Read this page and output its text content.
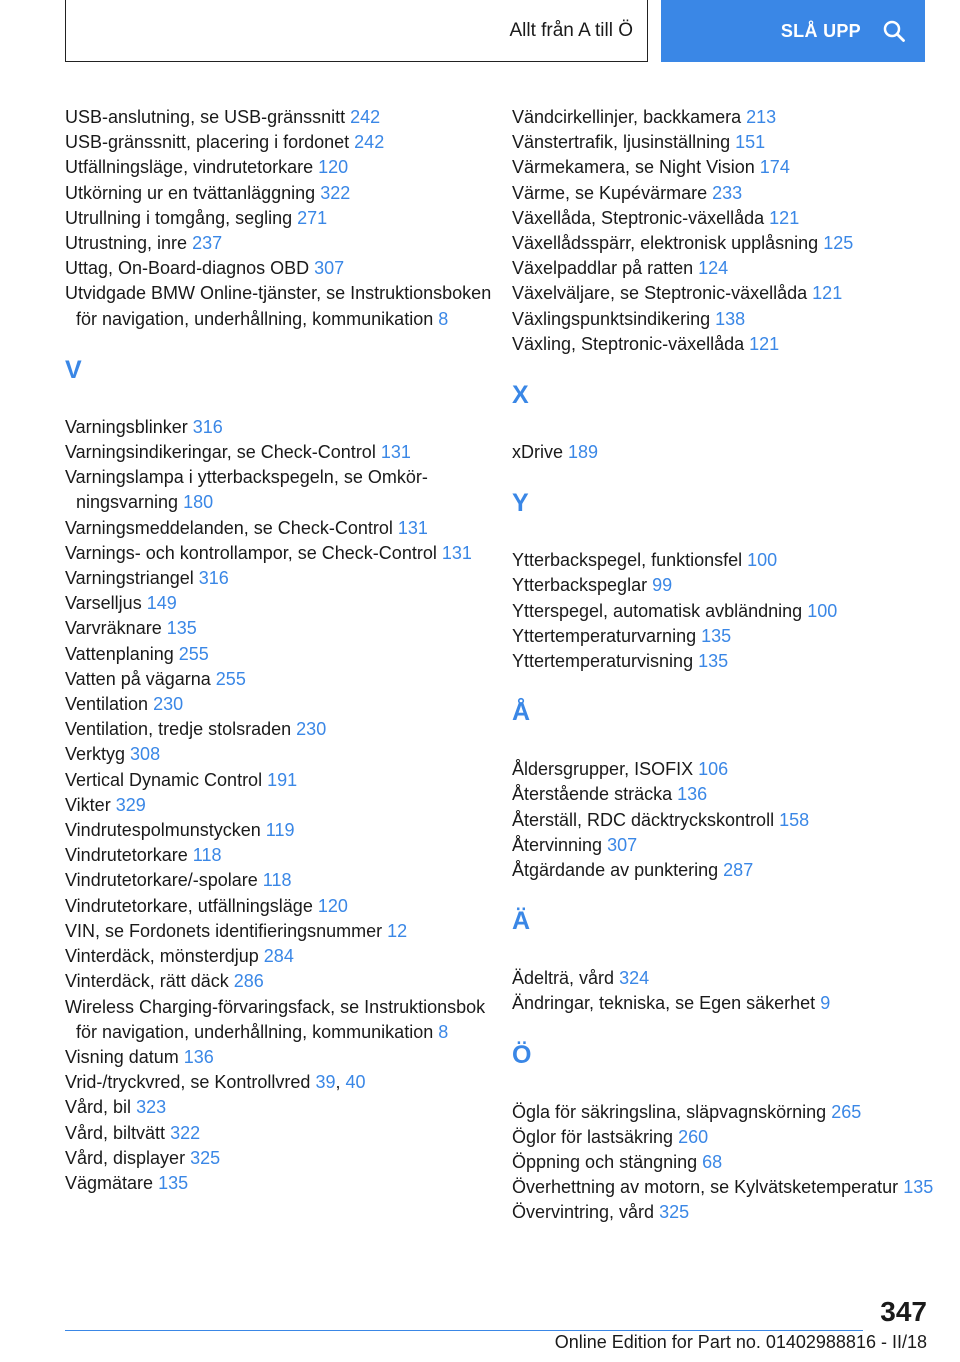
Allt från A till Ö	SLÅ UPP
USB-anslutning, se USB-gränssnitt 242
USB-gränssnitt, placering i fordonet 242
Utfällningsläge, vindrutetorkare 120
Utkörning ur en tvättanläggning 322
Utrullning i tomgång, segling 271
Utrustning, inre 237
Uttag, On-Board-diagnos OBD 307
Utvidgade BMW Online-tjänster, se Instruktionsboken för navigation, underhållning, kommunikation 8
V
Varningsblinker 316
Varningsindikeringar, se Check-Control 131
Varningslampa i ytterbackspegeln, se Omkörningsvarning 180
Varningsmeddelanden, se Check-Control 131
Varnings- och kontrollampor, se Check-Control 131
Varningstriangel 316
Varselljus 149
Varvräknare 135
Vattenplaning 255
Vatten på vägarna 255
Ventilation 230
Ventilation, tredje stolsraden 230
Verktyg 308
Vertical Dynamic Control 191
Vikter 329
Vindrutespolmunstycken 119
Vindrutetorkare 118
Vindrutetorkare/-spolare 118
Vindrutetorkare, utfällningsläge 120
VIN, se Fordonets identifieringsnummer 12
Vinterdäck, mönsterdjup 284
Vinterdäck, rätt däck 286
Wireless Charging-förvaringsfack, se Instruktionsbok för navigation, underhållning, kommunikation 8
Visning datum 136
Vrid-/tryckvred, se Kontrollvred 39, 40
Vård, bil 323
Vård, biltvätt 322
Vård, displayer 325
Vägmätare 135
Vändcirkellinjer, backkamera 213
Vänstertrafik, ljusinställning 151
Värmekamera, se Night Vision 174
Värme, se Kupévärmare 233
Växellåda, Steptronic-växellåda 121
Växellådsspärr, elektronisk upplåsning 125
Växelpaddlar på ratten 124
Växelväljare, se Steptronic-växellåda 121
Växlingspunktsindikering 138
Växling, Steptronic-växellåda 121
X
xDrive 189
Y
Ytterbackspegel, funktionsfel 100
Ytterbackspeglar 99
Ytterspegel, automatisk avbländning 100
Yttertemperaturvarning 135
Yttertemperaturvisning 135
Å
Åldersgrupper, ISOFIX 106
Återstående sträcka 136
Återställ, RDC däcktryckskontroll 158
Återvinning 307
Åtgärdande av punktering 287
Ä
Ädelträ, vård 324
Ändringar, tekniska, se Egen säkerhet 9
Ö
Ögla för säkringslina, släpvagnskörning 265
Öglor för lastsäkring 260
Öppning och stängning 68
Överhettning av motorn, se Kylvätsketemperatur 135
Övervintring, vård 325
347
Online Edition for Part no. 01402988816 - II/18
